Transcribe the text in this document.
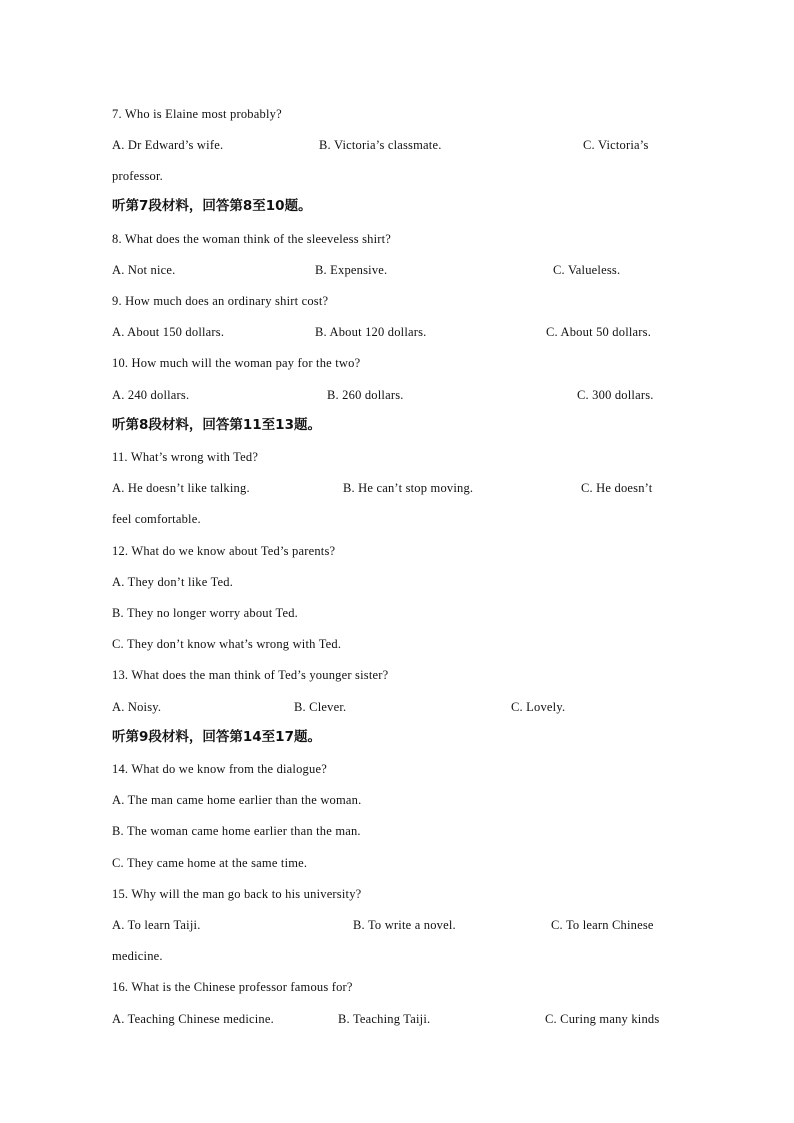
7. Who is Elaine most probably?
A. Dr Edward’s wife.	B. Victoria’s classmate.	C. Victoria’s
professor.
听第7段材料，回答第8至10题。
8. What does the woman think of the sleeveless shirt?
A. Not nice.	B. Expensive.	C. Valueless.
9. How much does an ordinary shirt cost?
A. About 150 dollars.	B. About 120 dollars.	C. About 50 dollars.
10. How much will the woman pay for the two?
A. 240 dollars.	B. 260 dollars.	C. 300 dollars.
听第8段材料，回答第11至13题。
11. What’s wrong with Ted?
A. He doesn’t like talking.	B. He can’t stop moving.	C. He doesn’t
feel comfortable.
12. What do we know about Ted’s parents?
A. They don’t like Ted.
B. They no longer worry about Ted.
C. They don’t know what’s wrong with Ted.
13. What does the man think of Ted’s younger sister?
A. Noisy.	B. Clever.	C. Lovely.
听第9段材料，回答第14至17题。
14. What do we know from the dialogue?
A. The man came home earlier than the woman.
B. The woman came home earlier than the man.
C. They came home at the same time.
15. Why will the man go back to his university?
A. To learn Taiji.	B. To write a novel.	C. To learn Chinese
medicine.
16. What is the Chinese professor famous for?
A. Teaching Chinese medicine.	B. Teaching Taiji.	C. Curing many kinds
